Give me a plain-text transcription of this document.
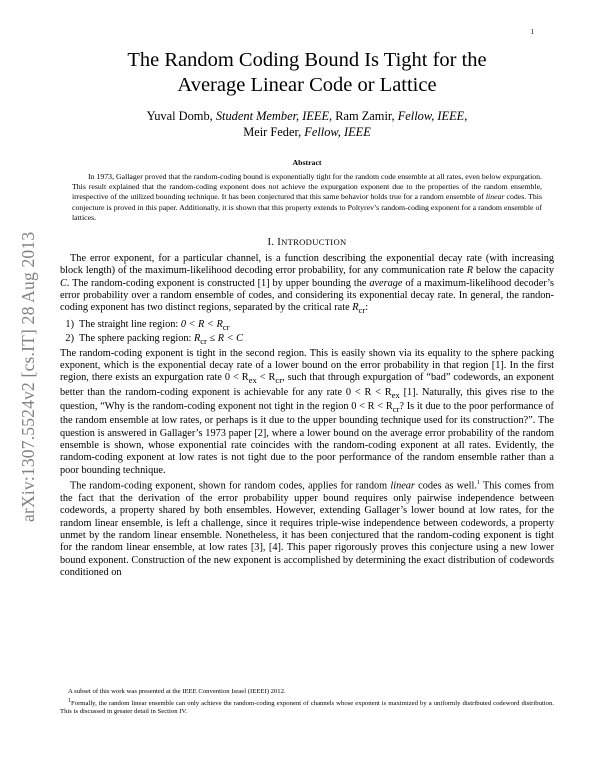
1
arXiv:1307.5524v2 [cs.IT] 28 Aug 2013
The Random Coding Bound Is Tight for the
Average Linear Code or Lattice
Yuval Domb, Student Member, IEEE, Ram Zamir, Fellow, IEEE,
Meir Feder, Fellow, IEEE
Abstract

In 1973, Gallager proved that the random-coding bound is exponentially tight for the random code ensemble at all rates, even below expurgation. This result explained that the random-coding exponent does not achieve the expurgation exponent due to the properties of the random ensemble, irrespective of the utilized bounding technique. It has been conjectured that this same behavior holds true for a random ensemble of linear codes. This conjecture is proved in this paper. Additionally, it is shown that this property extends to Poltyrev’s random-coding exponent for a random ensemble of lattices.

I. INTRODUCTION

The error exponent, for a particular channel, is a function describing the exponential decay rate (with increasing block length) of the maximum-likelihood decoding error probability, for any communication rate R below the capacity C. The random-coding exponent is constructed [1] by upper bounding the average of a maximum-likelihood decoder’s error probability over a random ensemble of codes, and considering its exponential decay rate. In general, the randon-coding exponent has two distinct regions, separated by the critical rate $R_{cr}$:

1) The straight line region: $0 < R < R_{cr}$
2) The sphere packing region: $R_{cr} \le R < C$

The random-coding exponent is tight in the second region. This is easily shown via its equality to the sphere packing exponent, which is the exponential decay rate of a lower bound on the error probability in that region [1]. In the first region, there exists an expurgation rate $0 < R_{ex} < R_{cr}$, such that through expurgation of “bad” codewords, an exponent better than the random-coding exponent is achievable for any rate $0 < R < R_{ex}$ [1]. Naturally, this gives rise to the question, “Why is the random-coding exponent not tight in the region $0 < R < R_{cr}$? Is it due to the poor performance of the random ensemble at low rates, or perhaps is it due to the upper bounding technique used for its construction?”. The question is answered in Gallager’s 1973 paper [2], where a lower bound on the average error probability of the random ensemble is shown, whose exponential rate coincides with the random-coding exponent at all rates. Evidently, the random-coding exponent at low rates is not tight due to the poor performance of the random ensemble rather than a poor bounding technique.

The random-coding exponent, shown for random codes, applies for random linear codes as well.$^1$ This comes from the fact that the derivation of the error probability upper bound requires only pairwise independence between codewords, a property shared by both ensembles. However, extending Gallager’s lower bound at low rates, for the random linear ensemble, is left a challenge, since it requires triple-wise independence between codewords, a property unmet by the random linear ensemble. Nonetheless, it has been conjectured that the random-coding exponent is tight for the random linear ensemble, at low rates [3], [4]. This paper rigorously proves this conjecture using a new lower bound exponent. Construction of the new exponent is accomplished by determining the exact distribution of codewords conditioned on

A subset of this work was presented at the IEEE Convention Israel (IEEEI) 2012.
$^1$Formally, the random linear ensemble can only achieve the random-coding exponent of channels whose exponent is maximized by a uniformly distributed codeword distribution. This is discussed in greater detail in Section IV.
